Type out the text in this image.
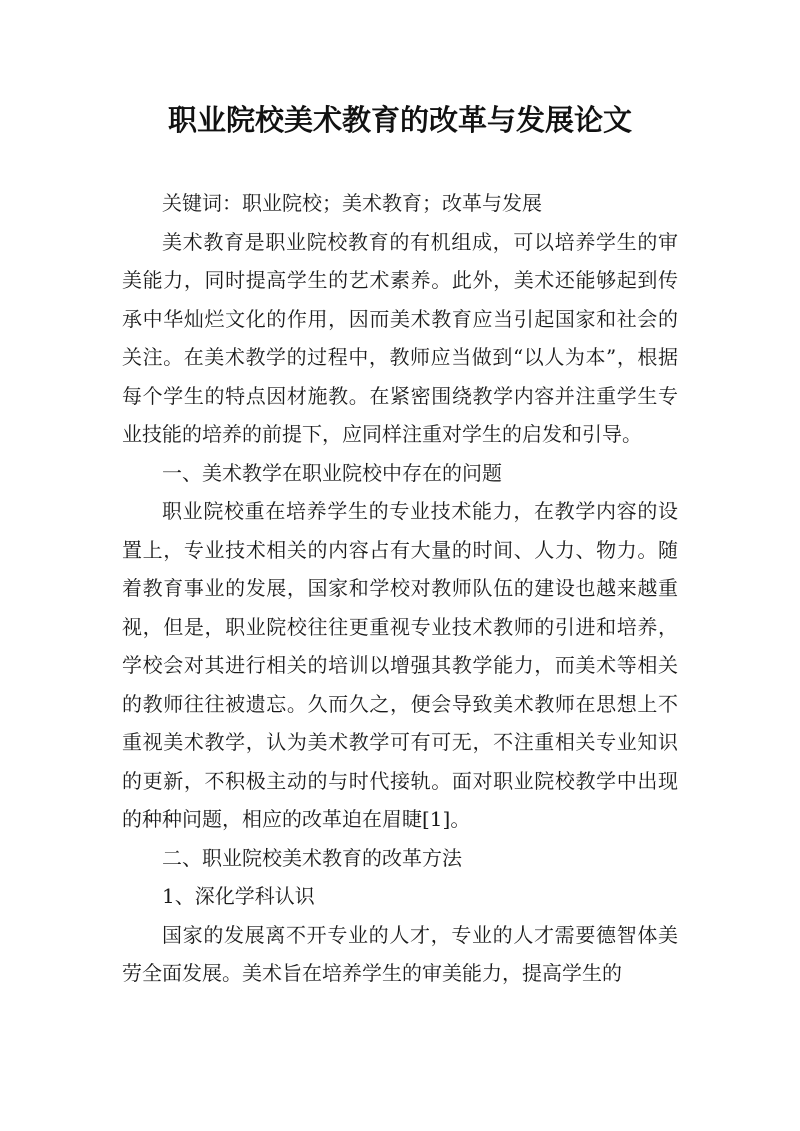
职业院校美术教育的改革与发展论文

关键词：职业院校；美术教育；改革与发展

美术教育是职业院校教育的有机组成，可以培养学生的审美能力，同时提高学生的艺术素养。此外，美术还能够起到传承中华灿烂文化的作用，因而美术教育应当引起国家和社会的关注。在美术教学的过程中，教师应当做到“以人为本”，根据每个学生的特点因材施教。在紧密围绕教学内容并注重学生专业技能的培养的前提下，应同样注重对学生的启发和引导。

一、美术教学在职业院校中存在的问题

职业院校重在培养学生的专业技术能力，在教学内容的设置上，专业技术相关的内容占有大量的时间、人力、物力。随着教育事业的发展，国家和学校对教师队伍的建设也越来越重视，但是，职业院校往往更重视专业技术教师的引进和培养，学校会对其进行相关的培训以增强其教学能力，而美术等相关的教师往往被遗忘。久而久之，便会导致美术教师在思想上不重视美术教学，认为美术教学可有可无，不注重相关专业知识的更新，不积极主动的与时代接轨。面对职业院校教学中出现的种种问题，相应的改革迫在眉睫[1]。

二、职业院校美术教育的改革方法

1、深化学科认识

国家的发展离不开专业的人才，专业的人才需要德智体美劳全面发展。美术旨在培养学生的审美能力，提高学生的
